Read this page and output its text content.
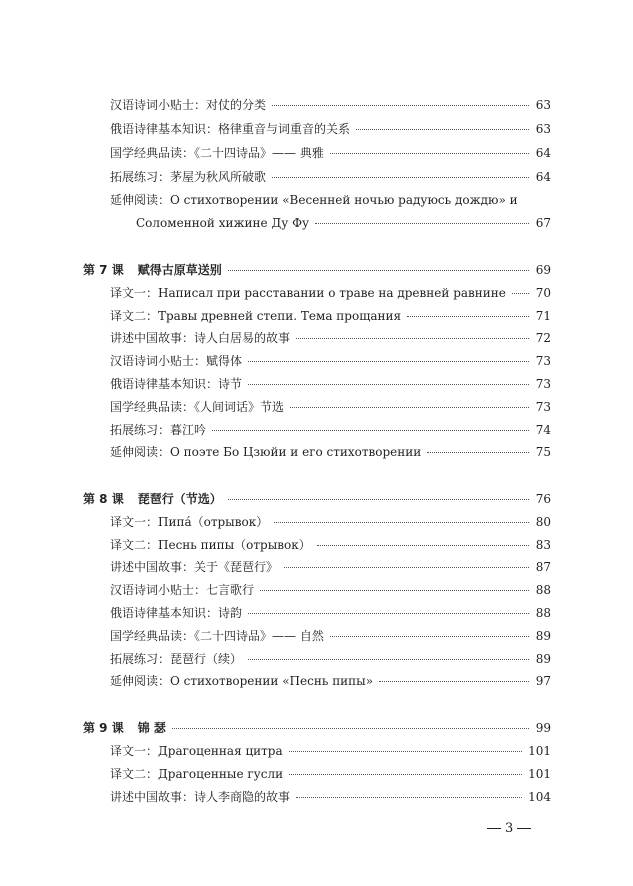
汉语诗词小贴士：对仗的分类	63
俄语诗律基本知识：格律重音与词重音的关系	63
国学经典品读：《二十四诗品》—— 典雅	64
拓展练习：茅屋为秋风所破歌	64
延伸阅读：О стихотворении «Весенней ночью радуюсь дождю» и
Соломенной хижине Ду Фу	67
第 7 课 赋得古原草送别	69
译文一：Написал при расставании о траве на древней равнине 70
译文二：Травы древней степи. Тема прощания	71
讲述中国故事：诗人白居易的故事	72
汉语诗词小贴士：赋得体	73
俄语诗律基本知识：诗节	73
国学经典品读：《人间词话》节选	73
拓展练习：暮江吟	74
延伸阅读：О поэте Бо Цзюйи и его стихотворении	75
第 8 课 琵琶行（节选）	76
译文一：Пипá（отрывок）	80
译文二：Песнь пипы（отрывок）	83
讲述中国故事：关于《琵琶行》	87
汉语诗词小贴士：七言歌行	88
俄语诗律基本知识：诗韵	88
国学经典品读：《二十四诗品》—— 自然	89
拓展练习：琵琶行（续）	89
延伸阅读：О стихотворении «Песнь пипы»	97
第 9 课 锦 瑟	99
译文一：Драгоценная цитра	101
译文二：Драгоценные гусли	101
讲述中国故事：诗人李商隐的故事	104
3
